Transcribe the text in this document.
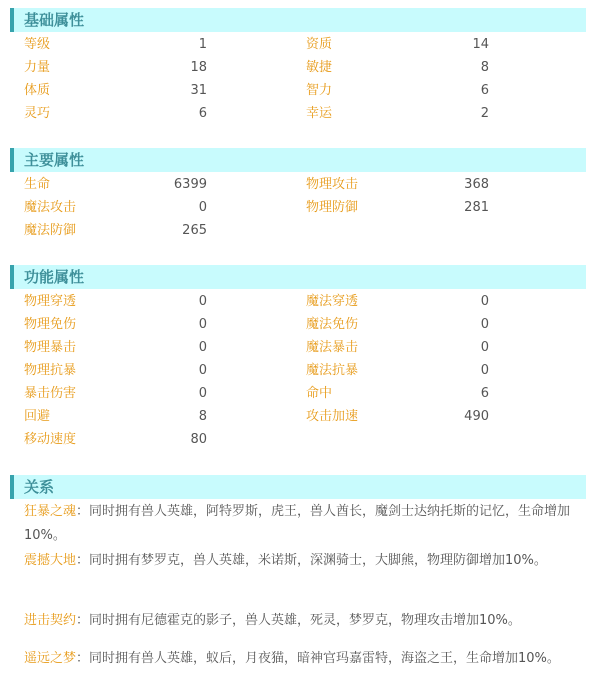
基础属性
等级	1	资质	14
力量	18	敏捷	8
体质	31	智力	6
灵巧	6	幸运	2
主要属性
生命	6399	物理攻击	368
魔法攻击	0	物理防御	281
魔法防御	265
功能属性
物理穿透	0	魔法穿透	0
物理免伤	0	魔法免伤	0
物理暴击	0	魔法暴击	0
物理抗暴	0	魔法抗暴	0
暴击伤害	0	命中	6
回避	8	攻击加速	490
移动速度	80
关系
狂暴之魂：同时拥有兽人英雄，阿特罗斯，虎王，兽人酋长，魔剑士达纳托斯的记忆，生命增加10%。
震撼大地：同时拥有梦罗克，兽人英雄，米诺斯，深渊骑士，大脚熊，物理防御增加10%。
进击契约：同时拥有尼德霍克的影子，兽人英雄，死灵，梦罗克，物理攻击增加10%。
遥远之梦：同时拥有兽人英雄，蚁后，月夜猫，暗神官玛嘉雷特，海盗之王，生命增加10%。
